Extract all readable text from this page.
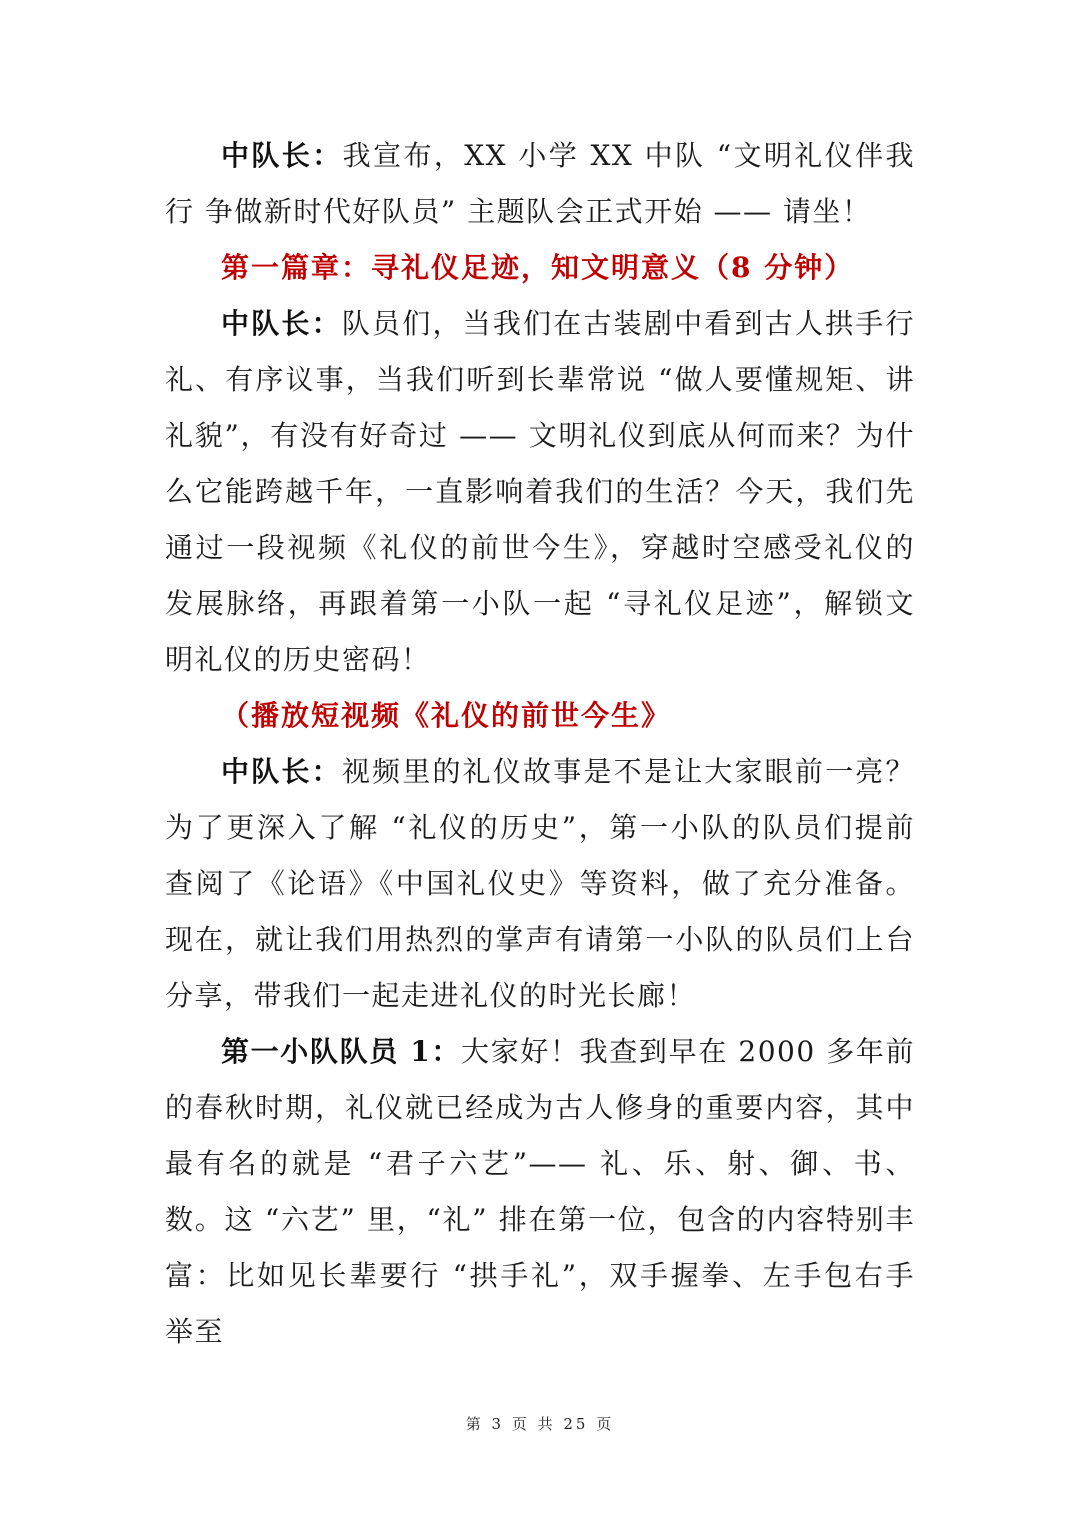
中队长：我宣布，XX 小学 XX 中队 “文明礼仪伴我行 争做新时代好队员” 主题队会正式开始 —— 请坐！

第一篇章：寻礼仪足迹，知文明意义（8 分钟）

中队长：队员们，当我们在古装剧中看到古人拱手行礼、有序议事，当我们听到长辈常说 “做人要懂规矩、讲礼貌”，有没有好奇过 —— 文明礼仪到底从何而来？为什么它能跨越千年，一直影响着我们的生活？今天，我们先通过一段视频《礼仪的前世今生》，穿越时空感受礼仪的发展脉络，再跟着第一小队一起 “寻礼仪足迹”，解锁文明礼仪的历史密码！

（播放短视频《礼仪的前世今生》

中队长：视频里的礼仪故事是不是让大家眼前一亮？为了更深入了解 “礼仪的历史”，第一小队的队员们提前查阅了《论语》《中国礼仪史》等资料，做了充分准备。现在，就让我们用热烈的掌声有请第一小队的队员们上台分享，带我们一起走进礼仪的时光长廊！

第一小队队员 1：大家好！我查到早在 2000 多年前的春秋时期，礼仪就已经成为古人修身的重要内容，其中最有名的就是 “君子六艺”—— 礼、乐、射、御、书、数。这 “六艺” 里，“礼” 排在第一位，包含的内容特别丰富：比如见长辈要行 “拱手礼”，双手握拳、左手包右手举至

第 3 页 共 25 页
